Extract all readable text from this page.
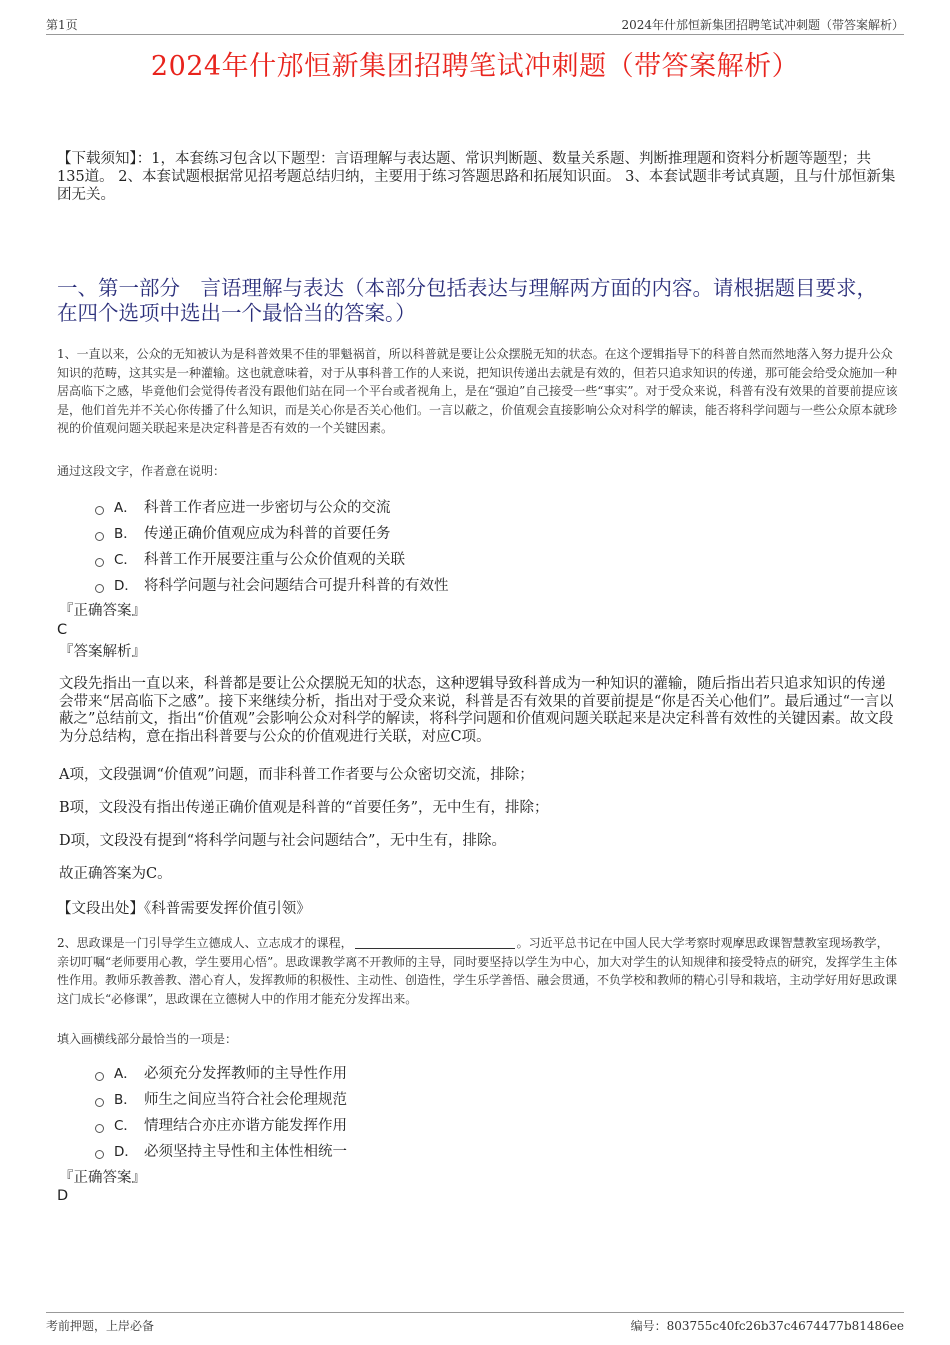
第1页	2024年什邡恒新集团招聘笔试冲刺题（带答案解析）
2024年什邡恒新集团招聘笔试冲刺题（带答案解析）
【下载须知】：1，本套练习包含以下题型：言语理解与表达题、常识判断题、数量关系题、判断推理题和资料分析题等题型；共135道。 2、本套试题根据常见招考题总结归纳，主要用于练习答题思路和拓展知识面。 3、本套试题非考试真题，且与什邡恒新集团无关。
一、第一部分　言语理解与表达（本部分包括表达与理解两方面的内容。请根据题目要求，在四个选项中选出一个最恰当的答案。）
1、一直以来，公众的无知被认为是科普效果不佳的罪魁祸首，所以科普就是要让公众摆脱无知的状态。在这个逻辑指导下的科普自然而然地落入努力提升公众知识的范畴，这其实是一种灌输。这也就意味着，对于从事科普工作的人来说，把知识传递出去就是有效的，但若只追求知识的传递，那可能会给受众施加一种居高临下之感，毕竟他们会觉得传者没有跟他们站在同一个平台或者视角上，是在“强迫”自己接受一些“事实”。对于受众来说，科普有没有效果的首要前提应该是，他们首先并不关心你传播了什么知识，而是关心你是否关心他们。一言以蔽之，价值观会直接影响公众对科学的解读，能否将科学问题与一些公众原本就珍视的价值观问题关联起来是决定科普是否有效的一个关键因素。
通过这段文字，作者意在说明：
A． 科普工作者应进一步密切与公众的交流
B． 传递正确价值观应成为科普的首要任务
C． 科普工作开展要注重与公众价值观的关联
D． 将科学问题与社会问题结合可提升科普的有效性
『正确答案』
C
『答案解析』
文段先指出一直以来，科普都是要让公众摆脱无知的状态，这种逻辑导致科普成为一种知识的灌输，随后指出若只追求知识的传递会带来“居高临下之感”。接下来继续分析，指出对于受众来说，科普是否有效果的首要前提是“你是否关心他们”。最后通过“一言以蔽之”总结前文，指出“价值观”会影响公众对科学的解读，将科学问题和价值观问题关联起来是决定科普有效性的关键因素。故文段为分总结构，意在指出科普要与公众的价值观进行关联，对应C项。
A项，文段强调“价值观”问题，而非科普工作者要与公众密切交流，排除；
B项，文段没有指出传递正确价值观是科普的“首要任务”，无中生有，排除；
D项，文段没有提到“将科学问题与社会问题结合”，无中生有，排除。
故正确答案为C。
【文段出处】《科普需要发挥价值引领》
2、思政课是一门引导学生立德成人、立志成才的课程，	。习近平总书记在中国人民大学考察时观摩思政课智慧教室现场教学，亲切叮嘱“老师要用心教，学生要用心悟”。思政课教学离不开教师的主导，同时要坚持以学生为中心，加大对学生的认知规律和接受特点的研究，发挥学生主体性作用。教师乐教善教、潜心育人，发挥教师的积极性、主动性、创造性，学生乐学善悟、融会贯通，不负学校和教师的精心引导和栽培，主动学好用好思政课这门成长“必修课”，思政课在立德树人中的作用才能充分发挥出来。
填入画横线部分最恰当的一项是：
A． 必须充分发挥教师的主导性作用
B． 师生之间应当符合社会伦理规范
C． 情理结合亦庄亦谐方能发挥作用
D． 必须坚持主导性和主体性相统一
『正确答案』
D
考前押题，上岸必备	编号：803755c40fc26b37c4674477b81486ee
